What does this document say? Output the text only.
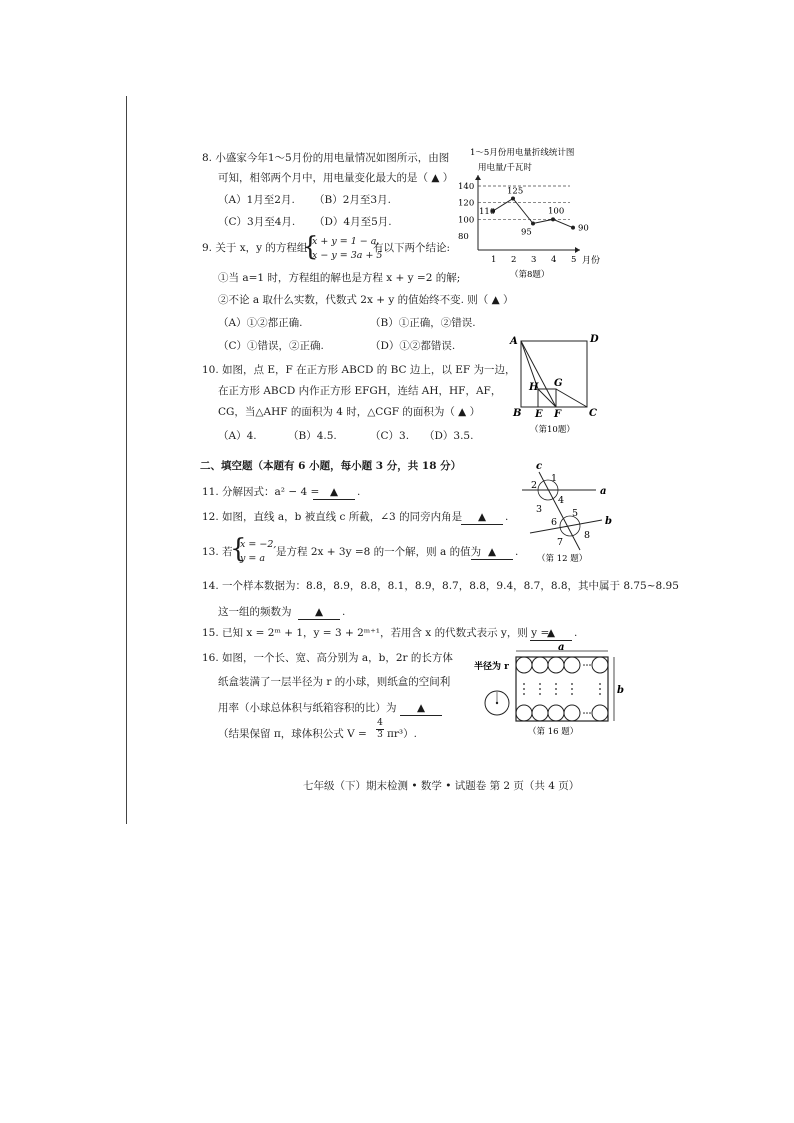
8. 小盛家今年1～5月份的用电量情况如图所示，由图
可知，相邻两个月中，用电量变化最大的是（ ▲ ）
（A）1月至2月. （B）2月至3月.
（C）3月至4月. （D）4月至5月.
1～5月份用电量折线统计图
用电量/千瓦时
月份
（第8题）
80
100
120
140
1 2 3 4 5
110
125
95
100
90
9. 关于 x，y 的方程组
{
x + y = 1 − a,
x − y = 3a + 5
有以下两个结论:
①当 a=1 时，方程组的解也是方程 x + y =2 的解;
②不论 a 取什么实数，代数式 2x + y 的值始终不变. 则（ ▲ ）
（A）①②都正确.	（B）①正确，②错误.
（C）①错误，②正确.	（D）①②都错误.
10. 如图，点 E，F 在正方形 ABCD 的 BC 边上，以 EF 为一边，
在正方形 ABCD 内作正方形 EFGH，连结 AH，HF，AF，
CG，当△AHF 的面积为 4 时，△CGF 的面积为（ ▲ ）
（A）4.	（B）4.5.	（C）3. （D）3.5.
A	D
B	C
E F
G
H
（第10题）
二、填空题（本题有 6 小题，每小题 3 分，共 18 分）
11. 分解因式：a² − 4 =	▲	.
12. 如图，直线 a，b 被直线 c 所截，∠3 的同旁内角是	▲	.
c
a
b
1
2
3
4
5
6
7
8
（第 12 题）
13. 若
{
x = −2,
y = a
是方程 2x + 3y =8 的一个解，则 a 的值为 ▲	.
14. 一个样本数据为：8.8，8.9，8.8，8.1，8.9，8.7，8.8，9.4，8.7，8.8，其中属于 8.75~8.95
这一组的频数为	▲	.
15. 已知 x = 2ᵐ + 1，y = 3 + 2ᵐ⁺¹，若用含 x 的代数式表示 y，则 y =
▲	.
16. 如图，一个长、宽、高分别为 a，b，2r 的长方体
纸盒装满了一层半径为 r 的小球，则纸盒的空间利
用率（小球总体积与纸箱容积的比）为	▲
（结果保留 π，球体积公式 V =
4
3 πr³）.
半径为 r
a
b
（第 16 题）
七年级（下）期末检测 • 数学 • 试题卷 第 2 页（共 4 页）
